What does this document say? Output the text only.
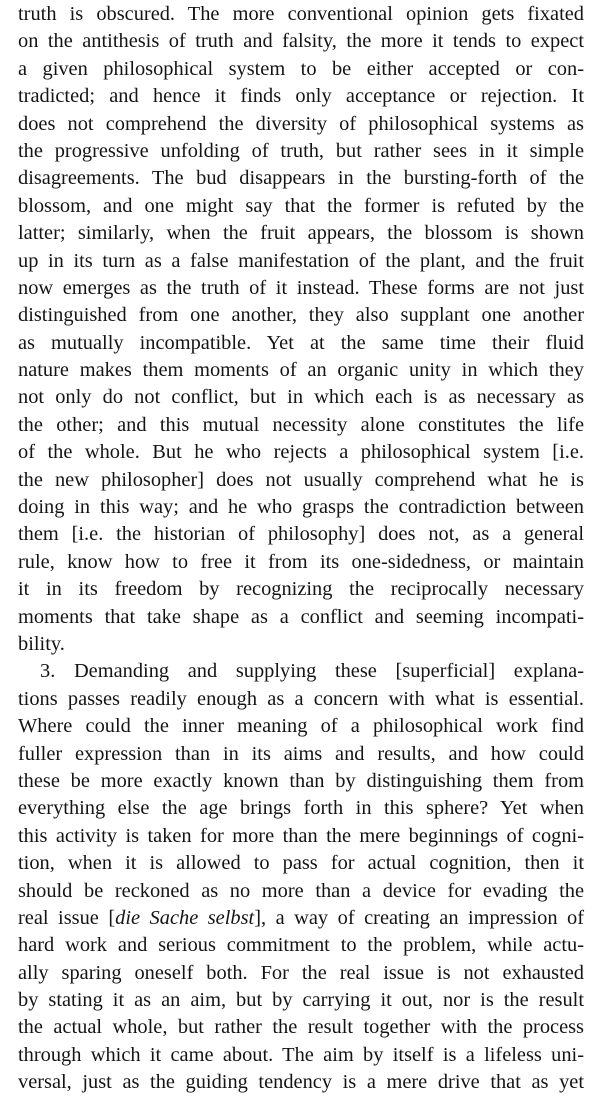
truth is obscured. The more conventional opinion gets fixated
on the antithesis of truth and falsity, the more it tends to expect
a given philosophical system to be either accepted or con-
tradicted; and hence it finds only acceptance or rejection. It
does not comprehend the diversity of philosophical systems as
the progressive unfolding of truth, but rather sees in it simple
disagreements. The bud disappears in the bursting-forth of the
blossom, and one might say that the former is refuted by the
latter; similarly, when the fruit appears, the blossom is shown
up in its turn as a false manifestation of the plant, and the fruit
now emerges as the truth of it instead. These forms are not just
distinguished from one another, they also supplant one another
as mutually incompatible. Yet at the same time their fluid
nature makes them moments of an organic unity in which they
not only do not conflict, but in which each is as necessary as
the other; and this mutual necessity alone constitutes the life
of the whole. But he who rejects a philosophical system [i.e.
the new philosopher] does not usually comprehend what he is
doing in this way; and he who grasps the contradiction between
them [i.e. the historian of philosophy] does not, as a general
rule, know how to free it from its one-sidedness, or maintain
it in its freedom by recognizing the reciprocally necessary
moments that take shape as a conflict and seeming incompati-
bility.
3. Demanding and supplying these [superficial] explana-
tions passes readily enough as a concern with what is essential.
Where could the inner meaning of a philosophical work find
fuller expression than in its aims and results, and how could
these be more exactly known than by distinguishing them from
everything else the age brings forth in this sphere? Yet when
this activity is taken for more than the mere beginnings of cogni-
tion, when it is allowed to pass for actual cognition, then it
should be reckoned as no more than a device for evading the
real issue [die Sache selbst], a way of creating an impression of
hard work and serious commitment to the problem, while actu-
ally sparing oneself both. For the real issue is not exhausted
by stating it as an aim, but by carrying it out, nor is the result
the actual whole, but rather the result together with the process
through which it came about. The aim by itself is a lifeless uni-
versal, just as the guiding tendency is a mere drive that as yet
